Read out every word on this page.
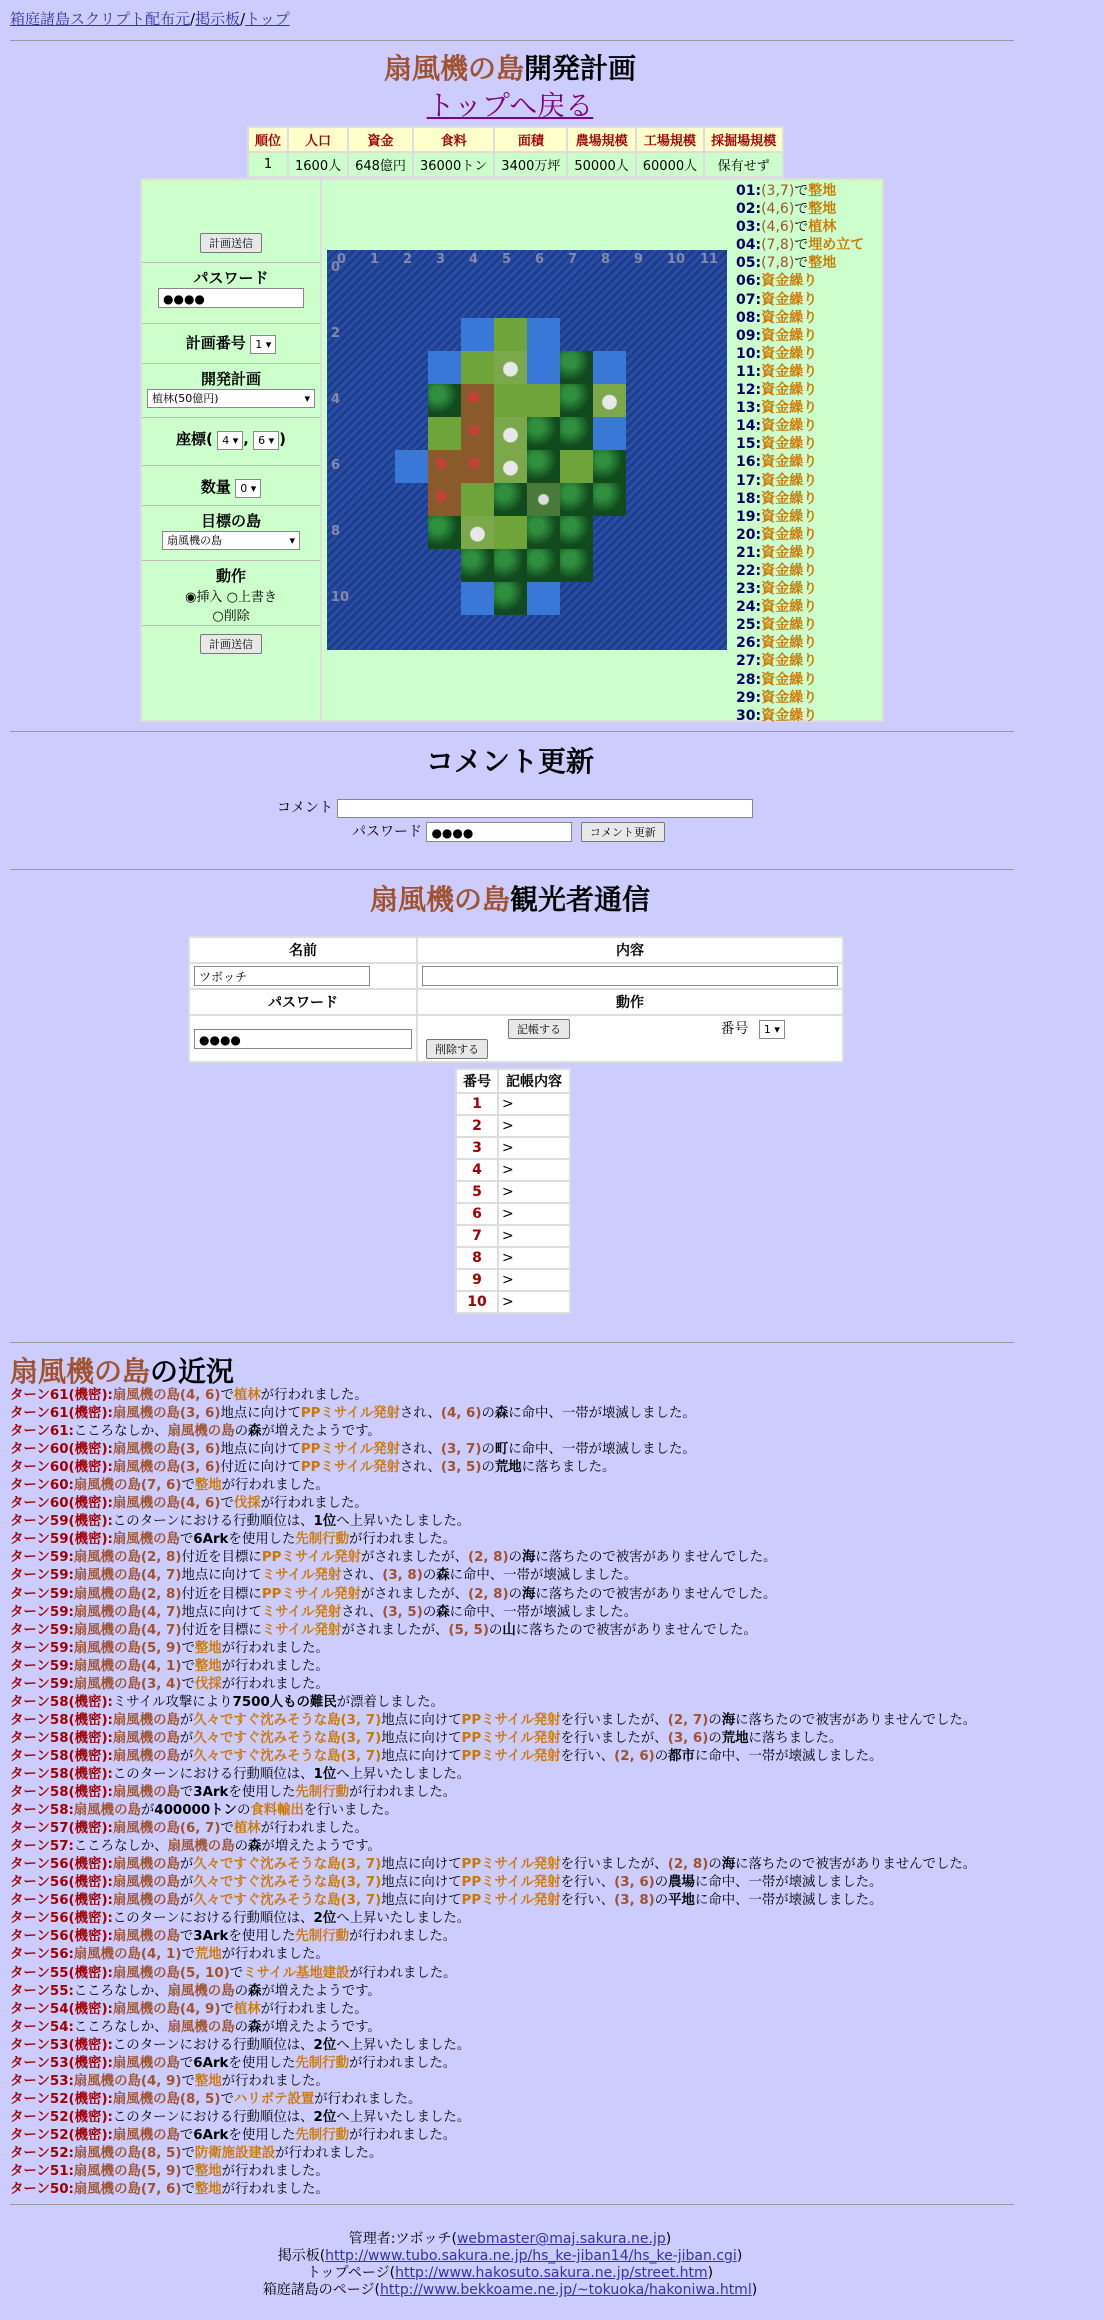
箱庭諸島スクリプト配布元/掲示板/トップ
扇風機の島開発計画
トップへ戻る
順位	人口	資金	食料	面積	農場規模	工場規模	採掘場規模
1	1600人	648億円	36000トン	3400万坪	50000人	60000人	保有せず
計画送信
パスワード
●●●●
計画番号 1 ▾
開発計画
植林(50億円)	▾
座標( 4 ▾ , 6 ▾ )
数量 0 ▾
目標の島
扇風機の島	▾
動作
◉挿入 ○上書き
○削除
計画送信
01:(3,7)で整地
02:(4,6)で整地
03:(4,6)で植林
04:(7,8)で埋め立て
05:(7,8)で整地
06:資金繰り
07:資金繰り
08:資金繰り
09:資金繰り
10:資金繰り
11:資金繰り
12:資金繰り
13:資金繰り
14:資金繰り
15:資金繰り
16:資金繰り
17:資金繰り
18:資金繰り
19:資金繰り
20:資金繰り
21:資金繰り
22:資金繰り
23:資金繰り
24:資金繰り
25:資金繰り
26:資金繰り
27:資金繰り
28:資金繰り
29:資金繰り
30:資金繰り
0 1 2 3 4 5 6 7 8 9 10 11
0
2
4
6
8
10
コメント更新
コメント
パスワード ●●●●	コメント更新
扇風機の島観光者通信
名前	内容
ツボッチ	
パスワード	動作
●●●●	記帳する 番号 1 ▾ 削除する
番号	記帳内容
1	>
2	>
3	>
4	>
5	>
6	>
7	>
8	>
9	>
10	>
扇風機の島の近況
ターン61(機密):扇風機の島(4, 6)で植林が行われました。
ターン61(機密):扇風機の島(3, 6)地点に向けてPPミサイル発射され、(4, 6)の森に命中、一帯が壊滅しました。
ターン61:こころなしか、扇風機の島の森が増えたようです。
ターン60(機密):扇風機の島(3, 6)地点に向けてPPミサイル発射され、(3, 7)の町に命中、一帯が壊滅しました。
ターン60(機密):扇風機の島(3, 6)付近に向けてPPミサイル発射され、(3, 5)の荒地に落ちました。
ターン60:扇風機の島(7, 6)で整地が行われました。
ターン60(機密):扇風機の島(4, 6)で伐採が行われました。
ターン59(機密):このターンにおける行動順位は、1位へ上昇いたしました。
ターン59(機密):扇風機の島で6Arkを使用した先制行動が行われました。
ターン59:扇風機の島(2, 8)付近を目標にPPミサイル発射がされましたが、(2, 8)の海に落ちたので被害がありませんでした。
ターン59:扇風機の島(4, 7)地点に向けてミサイル発射され、(3, 8)の森に命中、一帯が壊滅しました。
ターン59:扇風機の島(2, 8)付近を目標にPPミサイル発射がされましたが、(2, 8)の海に落ちたので被害がありませんでした。
ターン59:扇風機の島(4, 7)地点に向けてミサイル発射され、(3, 5)の森に命中、一帯が壊滅しました。
ターン59:扇風機の島(4, 7)付近を目標にミサイル発射がされましたが、(5, 5)の山に落ちたので被害がありませんでした。
ターン59:扇風機の島(5, 9)で整地が行われました。
ターン59:扇風機の島(4, 1)で整地が行われました。
ターン59:扇風機の島(3, 4)で伐採が行われました。
ターン58(機密):ミサイル攻撃により7500人もの難民が漂着しました。
ターン58(機密):扇風機の島が久々ですぐ沈みそうな島(3, 7)地点に向けてPPミサイル発射を行いましたが、(2, 7)の海に落ちたので被害がありませんでした。
ターン58(機密):扇風機の島が久々ですぐ沈みそうな島(3, 7)地点に向けてPPミサイル発射を行いましたが、(3, 6)の荒地に落ちました。
ターン58(機密):扇風機の島が久々ですぐ沈みそうな島(3, 7)地点に向けてPPミサイル発射を行い、(2, 6)の都市に命中、一帯が壊滅しました。
ターン58(機密):このターンにおける行動順位は、1位へ上昇いたしました。
ターン58(機密):扇風機の島で3Arkを使用した先制行動が行われました。
ターン58:扇風機の島が400000トンの食料輸出を行いました。
ターン57(機密):扇風機の島(6, 7)で植林が行われました。
ターン57:こころなしか、扇風機の島の森が増えたようです。
ターン56(機密):扇風機の島が久々ですぐ沈みそうな島(3, 7)地点に向けてPPミサイル発射を行いましたが、(2, 8)の海に落ちたので被害がありませんでした。
ターン56(機密):扇風機の島が久々ですぐ沈みそうな島(3, 7)地点に向けてPPミサイル発射を行い、(3, 6)の農場に命中、一帯が壊滅しました。
ターン56(機密):扇風機の島が久々ですぐ沈みそうな島(3, 7)地点に向けてPPミサイル発射を行い、(3, 8)の平地に命中、一帯が壊滅しました。
ターン56(機密):このターンにおける行動順位は、2位へ上昇いたしました。
ターン56(機密):扇風機の島で3Arkを使用した先制行動が行われました。
ターン56:扇風機の島(4, 1)で荒地が行われました。
ターン55(機密):扇風機の島(5, 10)でミサイル基地建設が行われました。
ターン55:こころなしか、扇風機の島の森が増えたようです。
ターン54(機密):扇風機の島(4, 9)で植林が行われました。
ターン54:こころなしか、扇風機の島の森が増えたようです。
ターン53(機密):このターンにおける行動順位は、2位へ上昇いたしました。
ターン53(機密):扇風機の島で6Arkを使用した先制行動が行われました。
ターン53:扇風機の島(4, 9)で整地が行われました。
ターン52(機密):扇風機の島(8, 5)でハリボテ設置が行われました。
ターン52(機密):このターンにおける行動順位は、2位へ上昇いたしました。
ターン52(機密):扇風機の島で6Arkを使用した先制行動が行われました。
ターン52:扇風機の島(8, 5)で防衛施設建設が行われました。
ターン51:扇風機の島(5, 9)で整地が行われました。
ターン50:扇風機の島(7, 6)で整地が行われました。
管理者:ツボッチ(webmaster@maj.sakura.ne.jp)
掲示板(http://www.tubo.sakura.ne.jp/hs_ke-jiban14/hs_ke-jiban.cgi)
トップページ(http://www.hakosuto.sakura.ne.jp/street.htm)
箱庭諸島のページ(http://www.bekkoame.ne.jp/~tokuoka/hakoniwa.html)
